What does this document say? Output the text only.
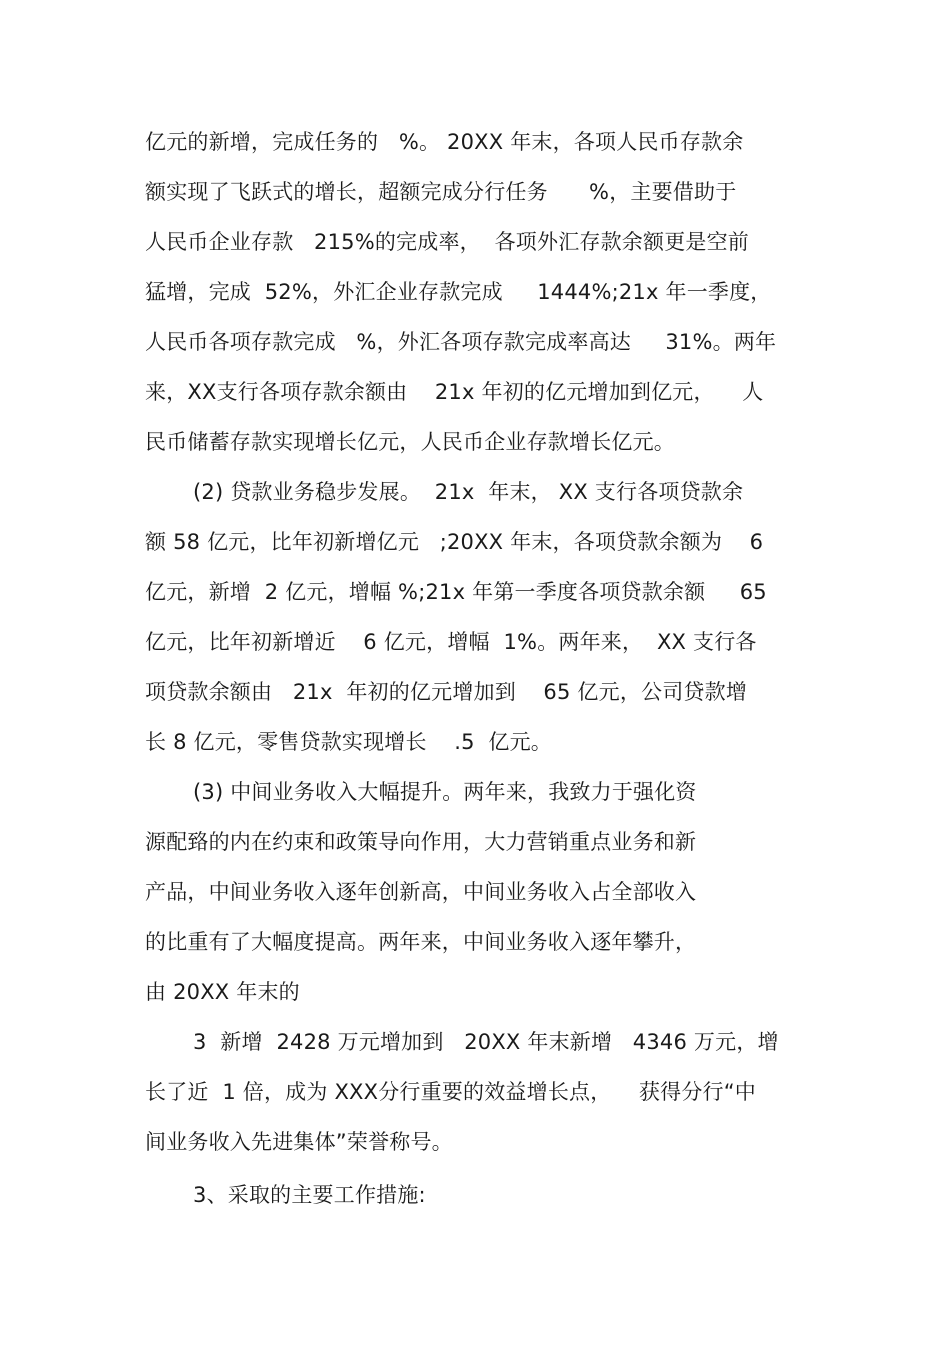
亿元的新增，完成任务的   %。 20XX 年末，各项人民币存款余
额实现了飞跃式的增长，超额完成分行任务      %，主要借助于
人民币企业存款   215%的完成率，  各项外汇存款余额更是空前
猛增，完成  52%，外汇企业存款完成     1444%;21x 年一季度，
人民币各项存款完成   %，外汇各项存款完成率高达     31%。两年
来，XX支行各项存款余额由    21x 年初的亿元增加到亿元，    人
民币储蓄存款实现增长亿元，人民币企业存款增长亿元。
(2) 贷款业务稳步发展。  21x  年末， XX 支行各项贷款余
额 58 亿元，比年初新增亿元   ;20XX 年末，各项贷款余额为    6
亿元，新增  2 亿元，增幅 %;21x 年第一季度各项贷款余额     65
亿元，比年初新增近    6 亿元，增幅  1%。两年来，  XX 支行各
项贷款余额由   21x  年初的亿元增加到    65 亿元，公司贷款增
长 8 亿元，零售贷款实现增长    .5  亿元。
(3) 中间业务收入大幅提升。两年来，我致力于强化资
源配臵的内在约束和政策导向作用，大力营销重点业务和新
产品，中间业务收入逐年创新高，中间业务收入占全部收入
的比重有了大幅度提高。两年来，中间业务收入逐年攀升，
由 20XX 年末的
3  新增  2428 万元增加到   20XX 年末新增   4346 万元，增
长了近  1 倍，成为 XXX分行重要的效益增长点，    获得分行“中
间业务收入先进集体”荣誉称号。
3、采取的主要工作措施:
